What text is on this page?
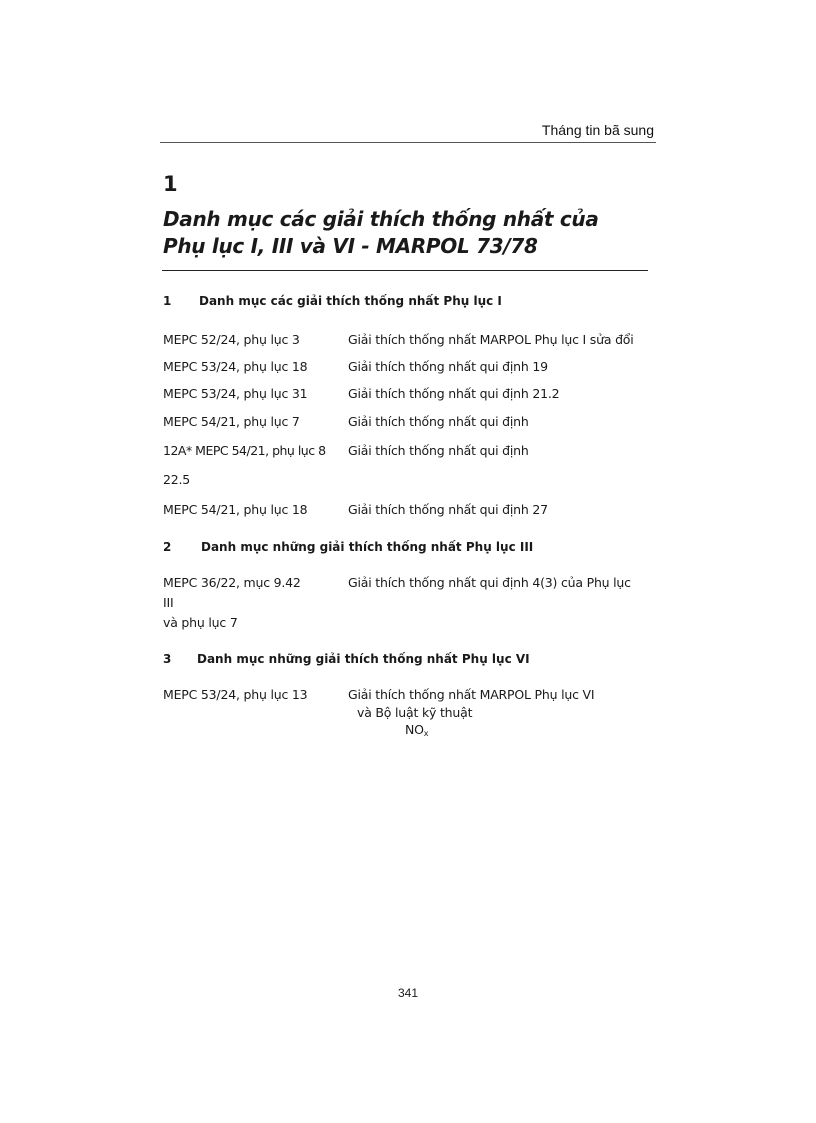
Tháng tin bã sung
1
Danh mục các giải thích thống nhất của
Phụ lục I, III và VI - MARPOL 73/78
1 Danh mục các giải thích thống nhất Phụ lục I
MEPC 52/24, phụ lục 3	Giải thích thống nhất MARPOL Phụ lục I sửa đổi
MEPC 53/24, phụ lục 18	Giải thích thống nhất qui định 19
MEPC 53/24, phụ lục 31	Giải thích thống nhất qui định 21.2
MEPC 54/21, phụ lục 7	Giải thích thống nhất qui định
12A* MEPC 54/21, phụ lục 8 Giải thích thống nhất qui định
22.5
MEPC 54/21, phụ lục 18	Giải thích thống nhất qui định 27
2 Danh mục những giải thích thống nhất Phụ lục III
MEPC 36/22, mục 9.42	Giải thích thống nhất qui định 4(3) của Phụ lục
III
và phụ lục 7
3 Danh mục những giải thích thống nhất Phụ lục VI
MEPC 53/24, phụ lục 13	Giải thích thống nhất MARPOL Phụ lục VI
và Bộ luật kỹ thuật
$NO_x$
341
